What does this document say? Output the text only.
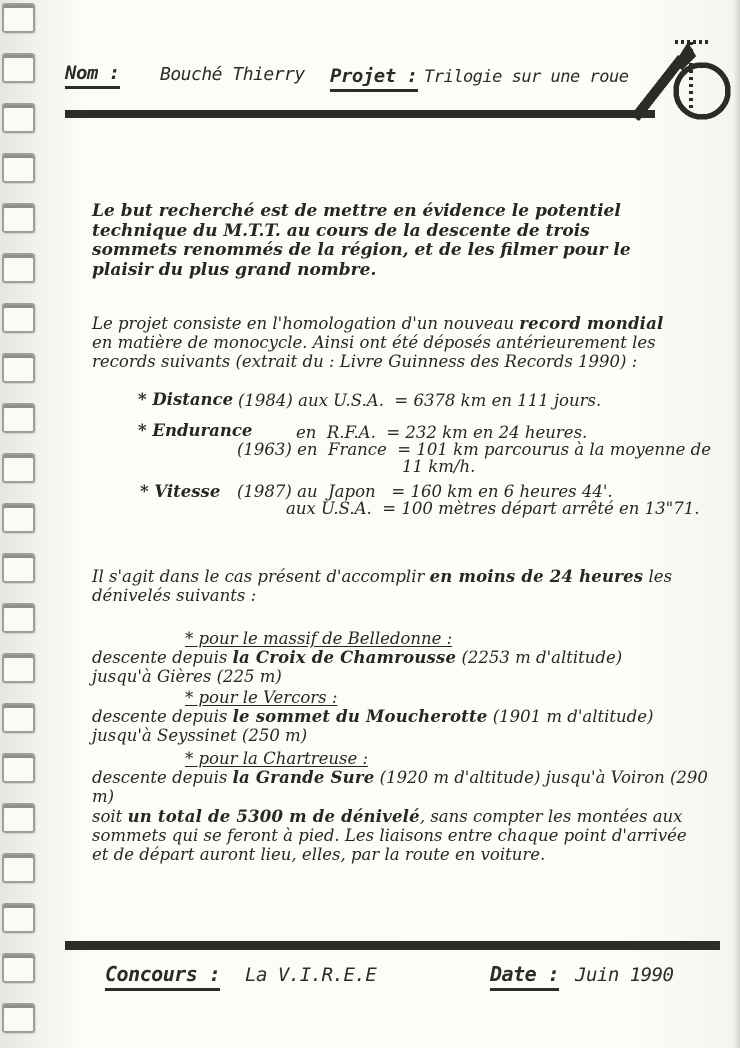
Nom : Bouché Thierry Projet : Trilogie sur une roue

Le but recherché est de mettre en évidence le potentiel technique du M.T.T. au cours de la descente de trois sommets renommés de la région, et de les filmer pour le plaisir du plus grand nombre.

Le projet consiste en l'homologation d'un nouveau record mondial en matière de monocycle. Ainsi ont été déposés antérieurement les records suivants (extrait du : Livre Guinness des Records 1990) :

* Distance (1984) aux U.S.A.  = 6378 km en 111 jours.
* Endurance	en  R.F.A.  = 232 km en 24 heures.
(1963) en  France  = 101 km parcourus à la moyenne de
11 km/h.
* Vitesse (1987) au  Japon   = 160 km en 6 heures 44'.
aux U.S.A.  = 100 mètres départ arrêté en 13"71.

Il s'agit dans le cas présent d'accomplir en moins de 24 heures les dénivelés suivants :

* pour le massif de Belledonne :

descente depuis la Croix de Chamrousse (2253 m d'altitude) jusqu'à Gières (225 m)

* pour le Vercors :

descente depuis le sommet du Moucherotte (1901 m d'altitude) jusqu'à Seyssinet (250 m)

* pour la Chartreuse :

descente depuis la Grande Sure (1920 m d'altitude) jusqu'à Voiron (290 m)

soit un total de 5300 m de dénivelé, sans compter les montées aux sommets qui se feront à pied. Les liaisons entre chaque point d'arrivée et de départ auront lieu, elles, par la route en voiture.

Concours : La V.I.R.E.E	Date : Juin 1990
